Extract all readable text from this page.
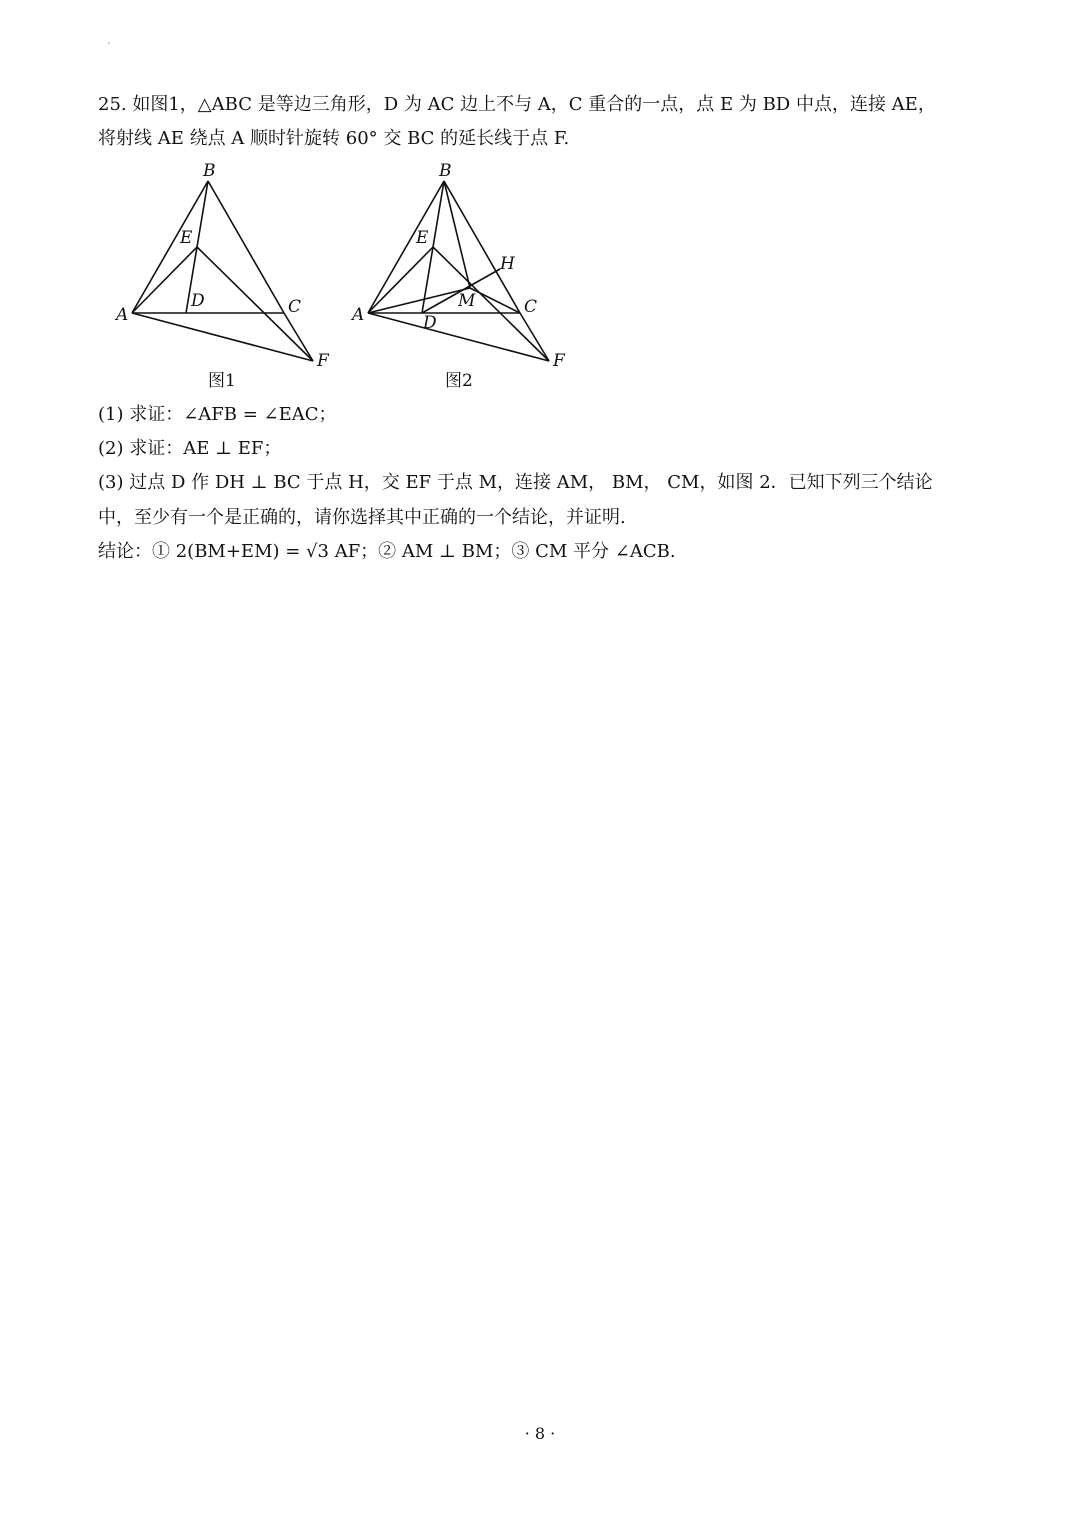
25. 如图1，△ABC 是等边三角形，D 为 AC 边上不与 A，C 重合的一点，点 E 为 BD 中点，连接 AE，
将射线 AE 绕点 A 顺时针旋转 60° 交 BC 的延长线于点 F.
B
E
D
A	C
F
B
E
H
M
D
A	C
F
图1	图2
(1) 求证：∠AFB = ∠EAC；
(2) 求证：AE ⊥ EF；
(3) 过点 D 作 DH ⊥ BC 于点 H，交 EF 于点 M，连接 AM， BM， CM，如图 2．已知下列三个结论
中，至少有一个是正确的，请你选择其中正确的一个结论，并证明.
结论：① 2(BM+EM) = √3 AF；② AM ⊥ BM；③ CM 平分 ∠ACB.
· 8 ·
